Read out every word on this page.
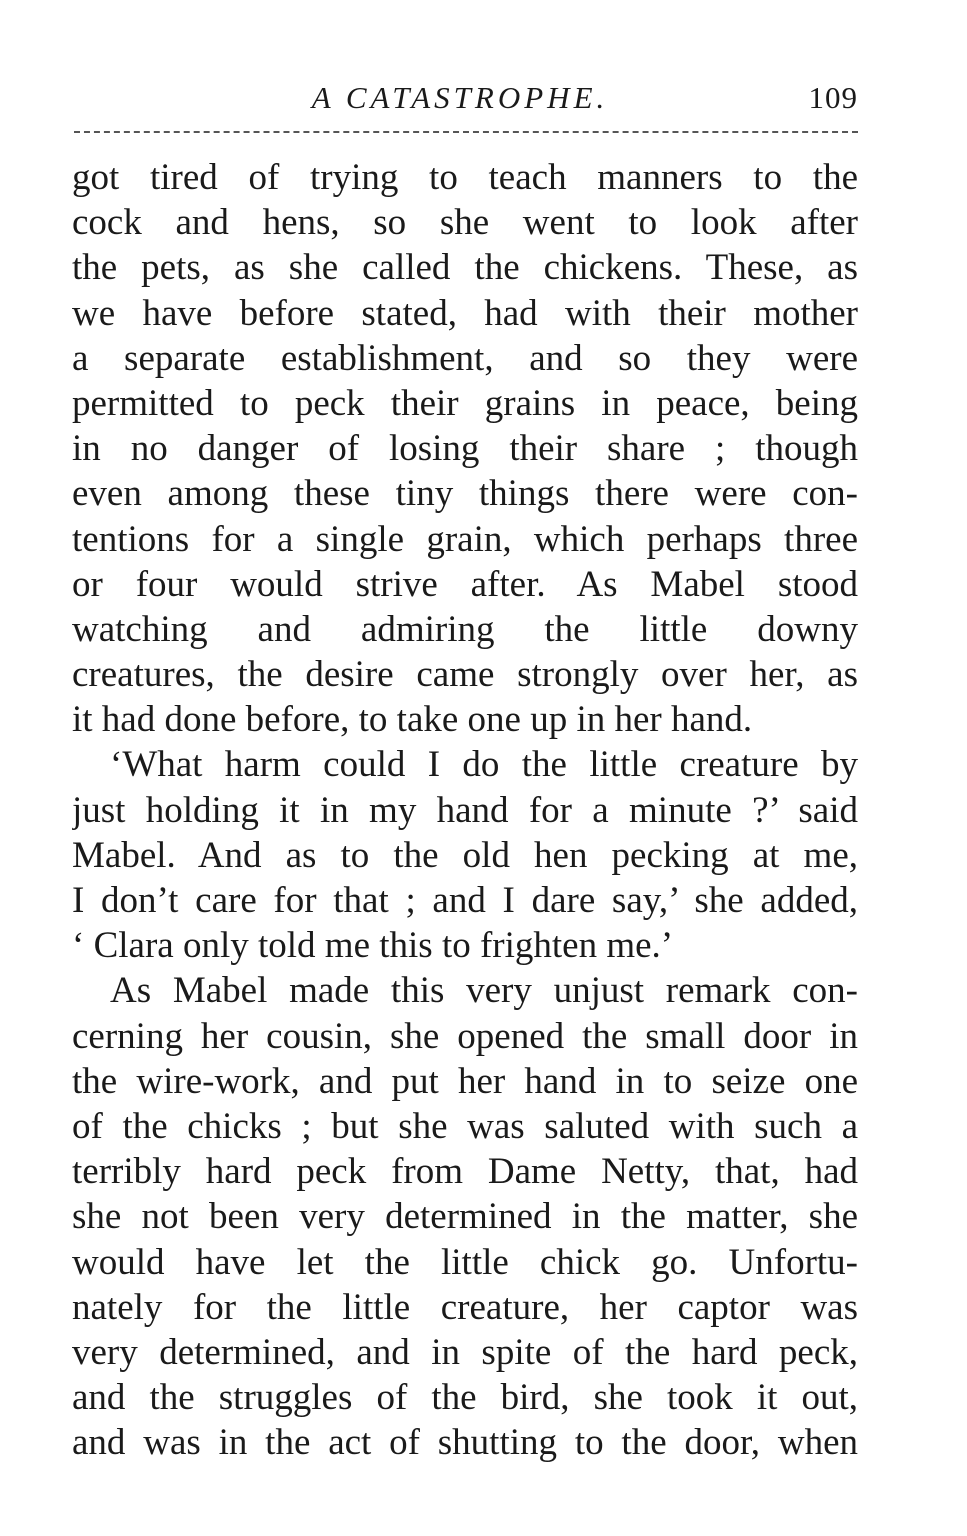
A CATASTROPHE.	109
got tired of trying to teach manners to the
cock and hens, so she went to look after
the pets, as she called the chickens. These, as
we have before stated, had with their mother
a separate establishment, and so they were
permitted to peck their grains in peace, being
in no danger of losing their share ; though
even among these tiny things there were con-
tentions for a single grain, which perhaps three
or four would strive after. As Mabel stood
watching and admiring the little downy
creatures, the desire came strongly over her, as
it had done before, to take one up in her hand.
‘What harm could I do the little creature by
just holding it in my hand for a minute ?’ said
Mabel. And as to the old hen pecking at me,
I don’t care for that ; and I dare say,’ she added,
‘ Clara only told me this to frighten me.’
As Mabel made this very unjust remark con-
cerning her cousin, she opened the small door in
the wire-work, and put her hand in to seize one
of the chicks ; but she was saluted with such a
terribly hard peck from Dame Netty, that, had
she not been very determined in the matter, she
would have let the little chick go. Unfortu-
nately for the little creature, her captor was
very determined, and in spite of the hard peck,
and the struggles of the bird, she took it out,
and was in the act of shutting to the door, when
